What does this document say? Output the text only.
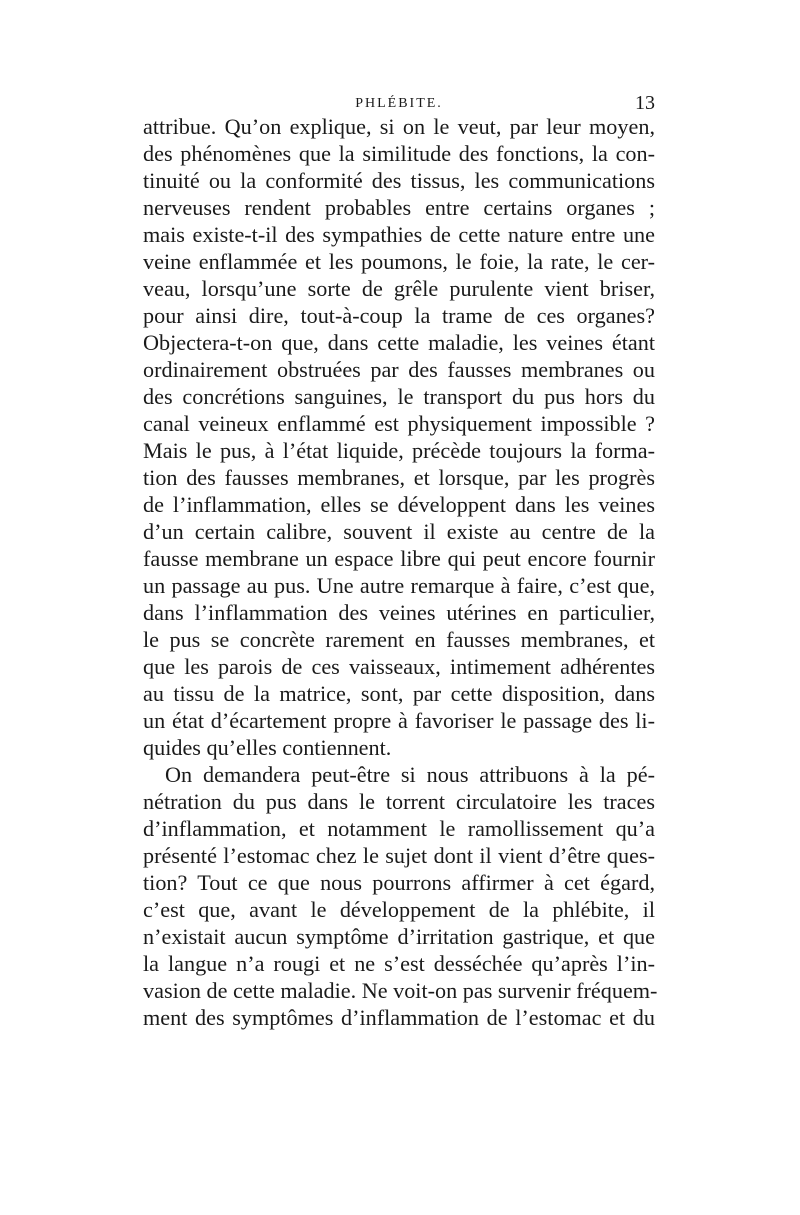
PHLÉBITE.	13
attribue. Qu’on explique, si on le veut, par leur moyen,
des phénomènes que la similitude des fonctions, la con-
tinuité ou la conformité des tissus, les communications
nerveuses rendent probables entre certains organes ;
mais existe-t-il des sympathies de cette nature entre une
veine enflammée et les poumons, le foie, la rate, le cer-
veau, lorsqu’une sorte de grêle purulente vient briser,
pour ainsi dire, tout-à-coup la trame de ces organes?
Objectera-t-on que, dans cette maladie, les veines étant
ordinairement obstruées par des fausses membranes ou
des concrétions sanguines, le transport du pus hors du
canal veineux enflammé est physiquement impossible ?
Mais le pus, à l’état liquide, précède toujours la forma-
tion des fausses membranes, et lorsque, par les progrès
de l’inflammation, elles se développent dans les veines
d’un certain calibre, souvent il existe au centre de la
fausse membrane un espace libre qui peut encore fournir
un passage au pus. Une autre remarque à faire, c’est que,
dans l’inflammation des veines utérines en particulier,
le pus se concrète rarement en fausses membranes, et
que les parois de ces vaisseaux, intimement adhérentes
au tissu de la matrice, sont, par cette disposition, dans
un état d’écartement propre à favoriser le passage des li-
quides qu’elles contiennent.
On demandera peut-être si nous attribuons à la pé-
nétration du pus dans le torrent circulatoire les traces
d’inflammation, et notamment le ramollissement qu’a
présenté l’estomac chez le sujet dont il vient d’être ques-
tion? Tout ce que nous pourrons affirmer à cet égard,
c’est que, avant le développement de la phlébite, il
n’existait aucun symptôme d’irritation gastrique, et que
la langue n’a rougi et ne s’est desséchée qu’après l’in-
vasion de cette maladie. Ne voit-on pas survenir fréquem-
ment des symptômes d’inflammation de l’estomac et du
